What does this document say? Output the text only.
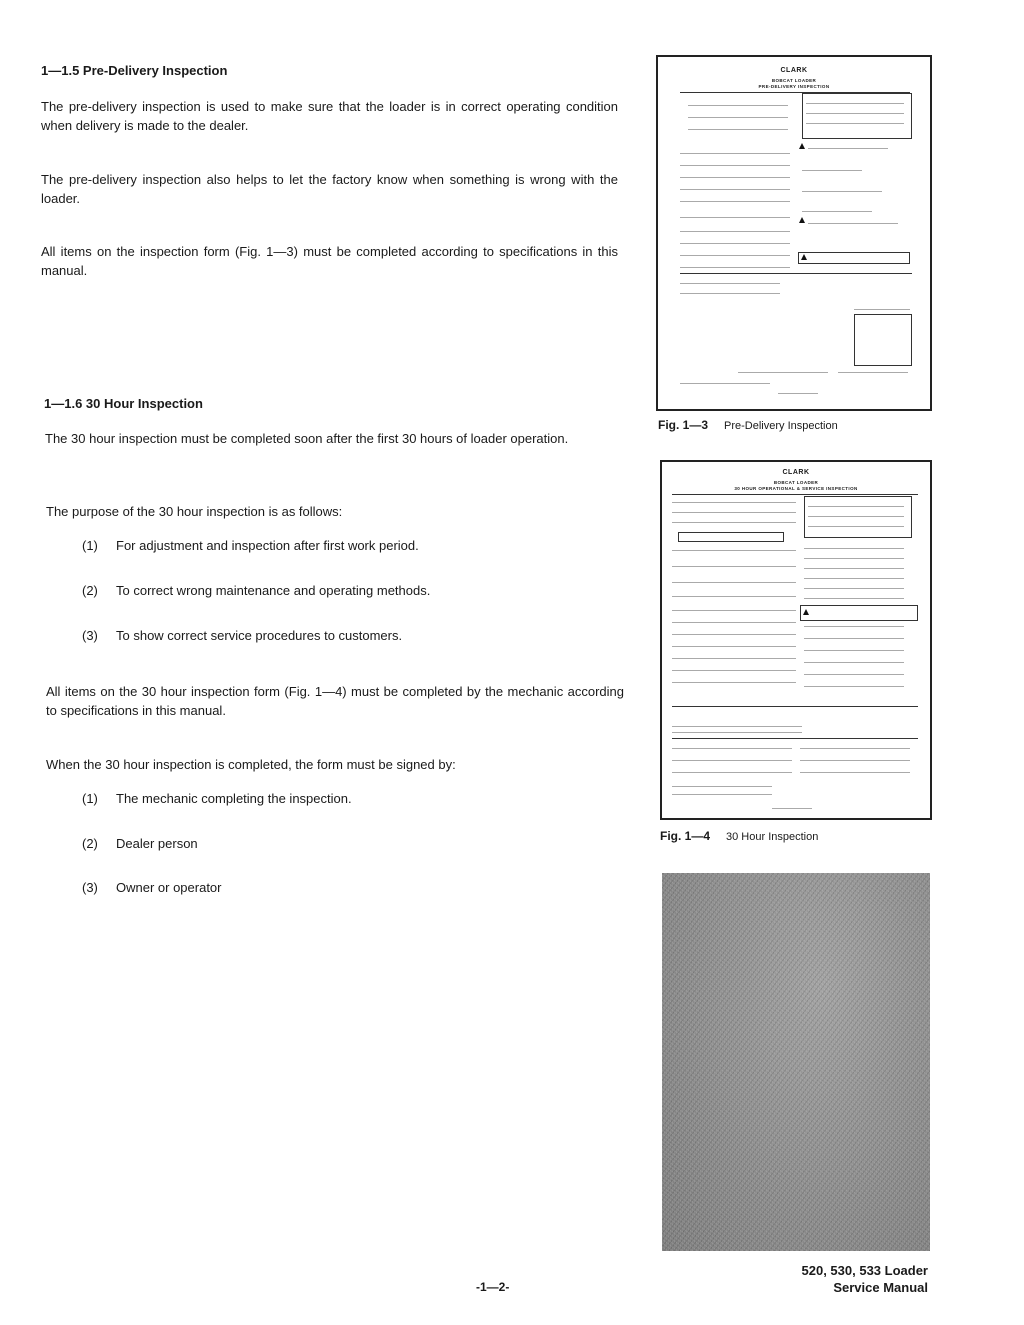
1—1.5 Pre-Delivery Inspection

The pre-delivery inspection is used to make sure that the loader is in correct operating condition when delivery is made to the dealer.

The pre-delivery inspection also helps to let the factory know when something is wrong with the loader.

All items on the inspection form (Fig. 1—3) must be completed according to specifications in this manual.

1—1.6 30 Hour Inspection

The 30 hour inspection must be completed soon after the first 30 hours of loader operation.

The purpose of the 30 hour inspection is as follows:

(1) For adjustment and inspection after first work period.
(2) To correct wrong maintenance and operating methods.
(3) To show correct service procedures to customers.

All items on the 30 hour inspection form (Fig. 1—4) must be completed by the mechanic according to specifications in this manual.

When the 30 hour inspection is completed, the form must be signed by:

(1) The mechanic completing the inspection.
(2) Dealer person
(3) Owner or operator
CLARK
BOBCAT LOADER
PRE-DELIVERY INSPECTION
Fig. 1—3 Pre-Delivery Inspection
CLARK
BOBCAT LOADER
30 HOUR OPERATIONAL & SERVICE INSPECTION
Fig. 1—4 30 Hour Inspection
-1—2-
520, 530, 533 Loader
Service Manual
